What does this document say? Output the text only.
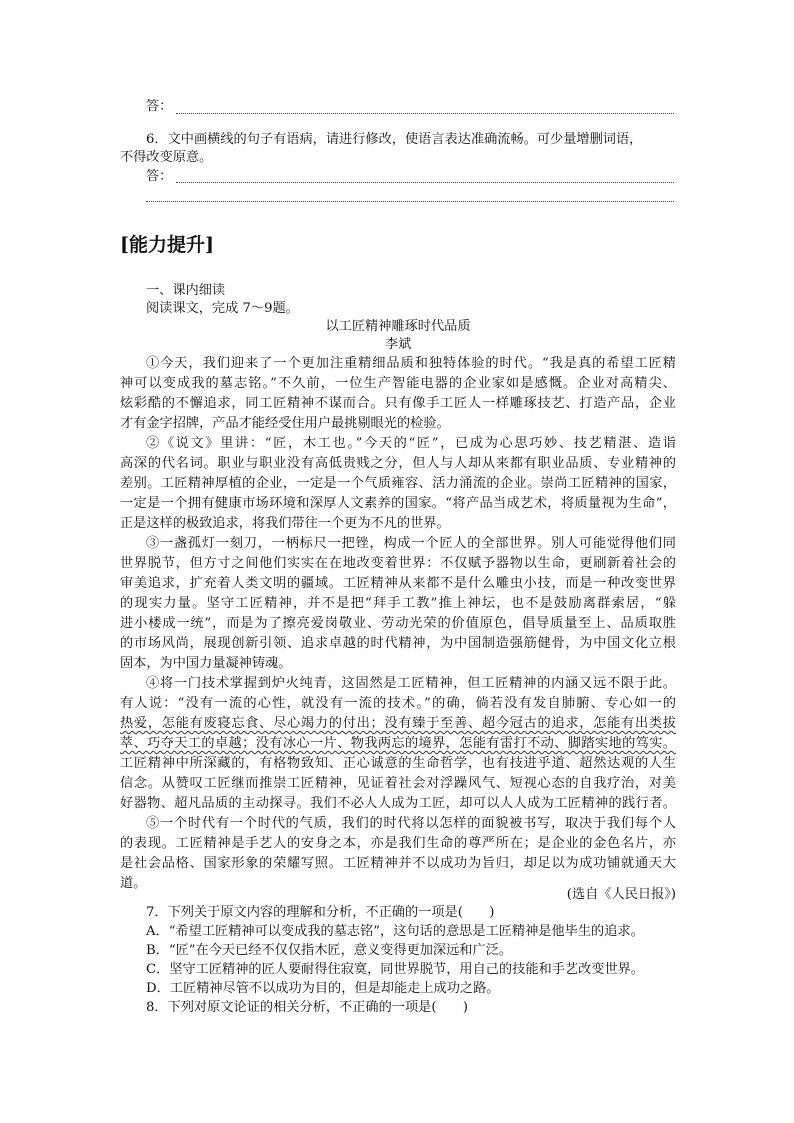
答：
6．文中画横线的句子有语病，请进行修改，使语言表达准确流畅。可少量增删词语，
不得改变原意。
答：
[能力提升]
一、课内细读
阅读课文，完成 7～9题。
以工匠精神雕琢时代品质
李斌
①今天，我们迎来了一个更加注重精细品质和独特体验的时代。“我是真的希望工匠精
神可以变成我的墓志铭。”不久前，一位生产智能电器的企业家如是感慨。企业对高精尖、
炫彩酷的不懈追求，同工匠精神不谋而合。只有像手工匠人一样雕琢技艺、打造产品，企业
才有金字招牌，产品才能经受住用户最挑剔眼光的检验。
②《说文》里讲：“匠，木工也。”今天的“匠”，已成为心思巧妙、技艺精湛、造诣
高深的代名词。职业与职业没有高低贵贱之分，但人与人却从来都有职业品质、专业精神的
差别。工匠精神厚植的企业，一定是一个气质雍容、活力涌流的企业。崇尚工匠精神的国家，
一定是一个拥有健康市场环境和深厚人文素养的国家。“将产品当成艺术，将质量视为生命”，
正是这样的极致追求，将我们带往一个更为不凡的世界。
③一盏孤灯一刻刀，一柄标尺一把锉，构成一个匠人的全部世界。别人可能觉得他们同
世界脱节，但方寸之间他们实实在在地改变着世界：不仅赋予器物以生命，更刷新着社会的
审美追求，扩充着人类文明的疆域。工匠精神从来都不是什么雕虫小技，而是一种改变世界
的现实力量。坚守工匠精神，并不是把“拜手工教”推上神坛，也不是鼓励离群索居，“躲
进小楼成一统”，而是为了擦亮爱岗敬业、劳动光荣的价值原色，倡导质量至上、品质取胜
的市场风尚，展现创新引领、追求卓越的时代精神，为中国制造强筋健骨，为中国文化立根
固本，为中国力量凝神铸魂。
④将一门技术掌握到炉火纯青，这固然是工匠精神，但工匠精神的内涵又远不限于此。
有人说：“没有一流的心性，就没有一流的技术。”的确，倘若没有发自肺腑、专心如一的
热爱，怎能有废寝忘食、尽心竭力的付出；没有臻于至善、超今冠古的追求，怎能有出类拔
萃、巧夺天工的卓越；没有冰心一片、物我两忘的境界，怎能有雷打不动、脚踏实地的笃实。
工匠精神中所深藏的，有格物致知、正心诚意的生命哲学，也有技进乎道、超然达观的人生
信念。从赞叹工匠继而推崇工匠精神，见证着社会对浮躁风气、短视心态的自我疗治，对美
好器物、超凡品质的主动探寻。我们不必人人成为工匠，却可以人人成为工匠精神的践行者。
⑤一个时代有一个时代的气质，我们的时代将以怎样的面貌被书写，取决于我们每个人
的表现。工匠精神是手艺人的安身之本，亦是我们生命的尊严所在；是企业的金色名片，亦
是社会品格、国家形象的荣耀写照。工匠精神并不以成功为旨归，却足以为成功铺就通天大
道。
(选自《人民日报》)
7．下列关于原文内容的理解和分析，不正确的一项是(　　)
A．“希望工匠精神可以变成我的墓志铭”，这句话的意思是工匠精神是他毕生的追求。
B．“匠”在今天已经不仅仅指木匠，意义变得更加深远和广泛。
C．坚守工匠精神的匠人要耐得住寂寞，同世界脱节，用自己的技能和手艺改变世界。
D．工匠精神尽管不以成功为目的，但是却能走上成功之路。
8．下列对原文论证的相关分析，不正确的一项是(　　)
